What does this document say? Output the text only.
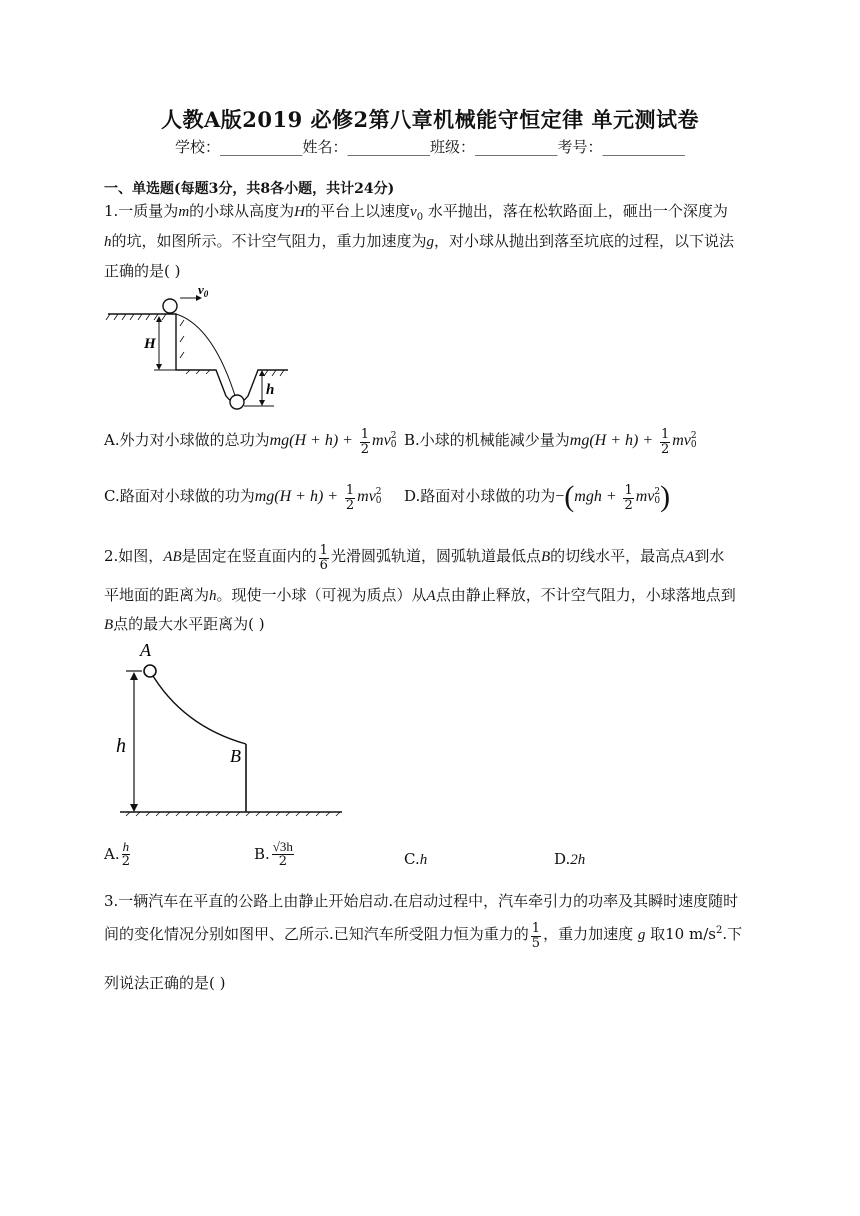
人教A版2019 必修2第八章机械能守恒定律 单元测试卷
学校：___________姓名：___________班级：___________考号：___________
一、单选题(每题3分，共8各小题，共计24分)
1.一质量为m的小球从高度为H的平台上以速度$v_0$ 水平抛出，落在松软路面上，砸出一个深度为
h的坑，如图所示。不计空气阻力，重力加速度为g，对小球从抛出到落至坑底的过程，以下说法
正确的是( )
$v_0$
H
h
A.外力对小球做的总功为$mg(H + h) + \frac{1}{2}$ mv 2
0 B.小球的机械能减少量为$mg(H + h) + \frac{1}{2}$ mv 2
0
C.路面对小球做的功为$mg(H + h) + \frac{1}{2}$ mv 2
0 D.路面对小球做的功为$-(mgh + \frac{1}{2}$ mv 2
0 )
2.如图，AB是固定在竖直面内的 $\frac{1}{6}$ 光滑圆弧轨道，圆弧轨道最低点B的切线水平，最高点A到水
平地面的距离为h。现使一小球（可视为质点）从A点由静止释放，不计空气阻力，小球落地点到
B点的最大水平距离为( )
A
B
h
A. $\frac{h}{2}$	B. $\frac{√3h}{2}$	C.h	D.2h
3.一辆汽车在平直的公路上由静止开始启动.在启动过程中，汽车牵引力的功率及其瞬时速度随时
间的变化情况分别如图甲、乙所示.已知汽车所受阻力恒为重力的 $\frac{1}{5}$ ，重力加速度 g 取10 $m/s^2$.下
列说法正确的是( )
